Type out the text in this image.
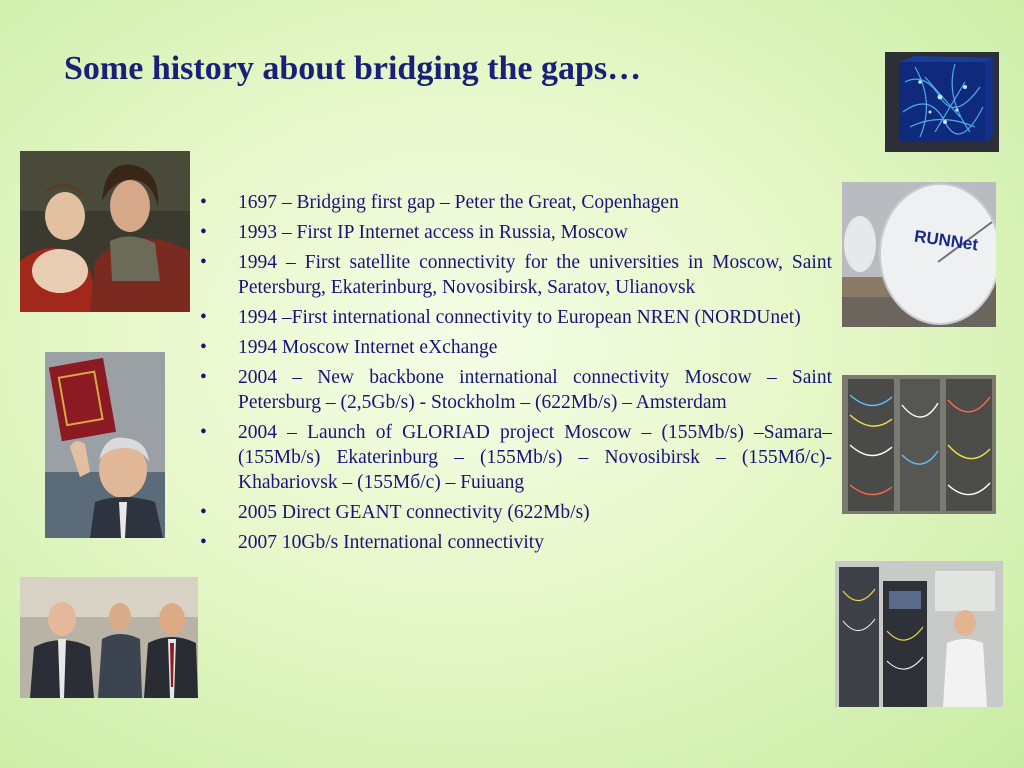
Some history about bridging the gaps…
• 1697 – Bridging first gap – Peter the Great, Copenhagen
• 1993 – First IP Internet access in Russia, Moscow
• 1994 – First satellite connectivity for the universities in Moscow, Saint Petersburg, Ekaterinburg, Novosibirsk, Saratov, Ulianovsk
• 1994 –First international connectivity to European NREN (NORDUnet)
• 1994 Moscow Internet eXchange
• 2004 – New backbone international connectivity Moscow – Saint Petersburg – (2,5Gb/s) - Stockholm – (622Mb/s) – Amsterdam
• 2004 – Launch of GLORIAD project Moscow – (155Mb/s) –Samara– (155Mb/s) Ekaterinburg – (155Mb/s) – Novosibirsk – (155Мб/с)- Khabariovsk – (155Мб/с) – Fuiuang
• 2005 Direct GEANT connectivity (622Mb/s)
• 2007 10Gb/s International connectivity
RUNNet
